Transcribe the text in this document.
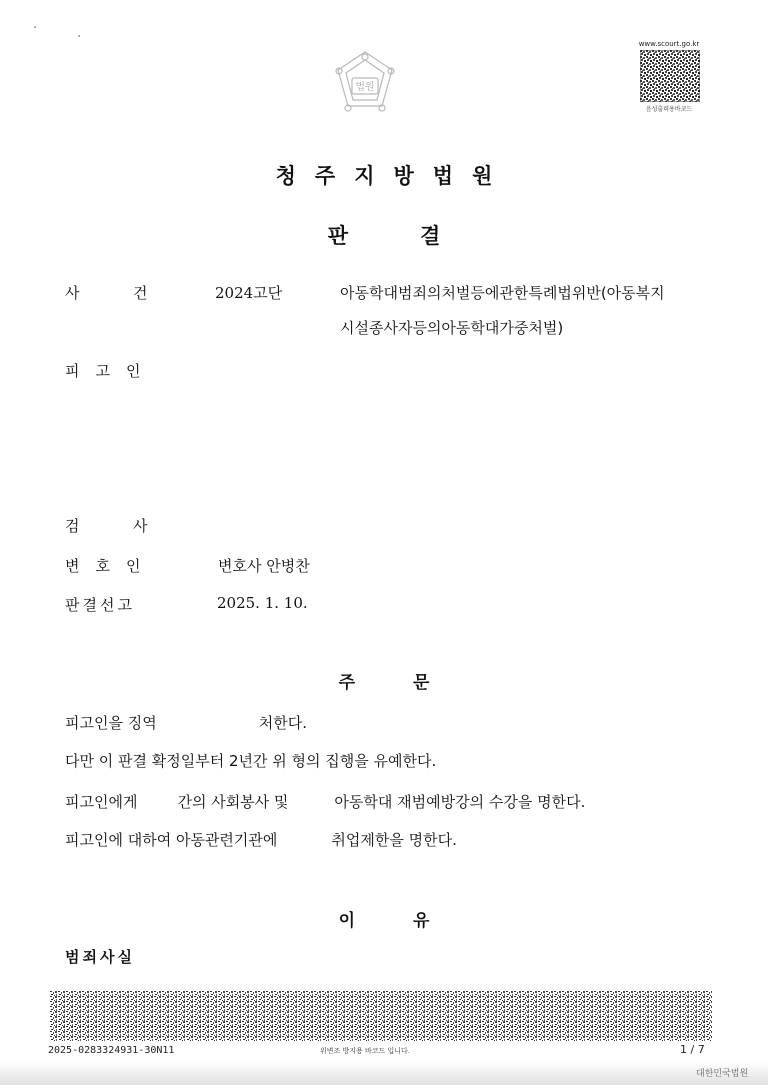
법원
www.scourt.go.kr
음성출력용바코드
청주지방법원
판결
사	건	2024고단	아동학대범죄의처벌등에관한특례법위반(아동복지
시설종사자등의아동학대가중처벌)
피고인
검	사
변호인	변호사 안병찬
판결선고	2025. 1. 10.
주문
피고인을 징역	처한다.
다만 이 판결 확정일부터 2년간 위 형의 집행을 유예한다.
피고인에게	간의 사회봉사 및	아동학대 재범예방강의 수강을 명한다.
피고인에 대하여 아동관련기관에	취업제한을 명한다.
이유
범죄사실
2025-0283324931-30N11	위변조 방지용 바코드 입니다.	1 / 7
대한민국법원
